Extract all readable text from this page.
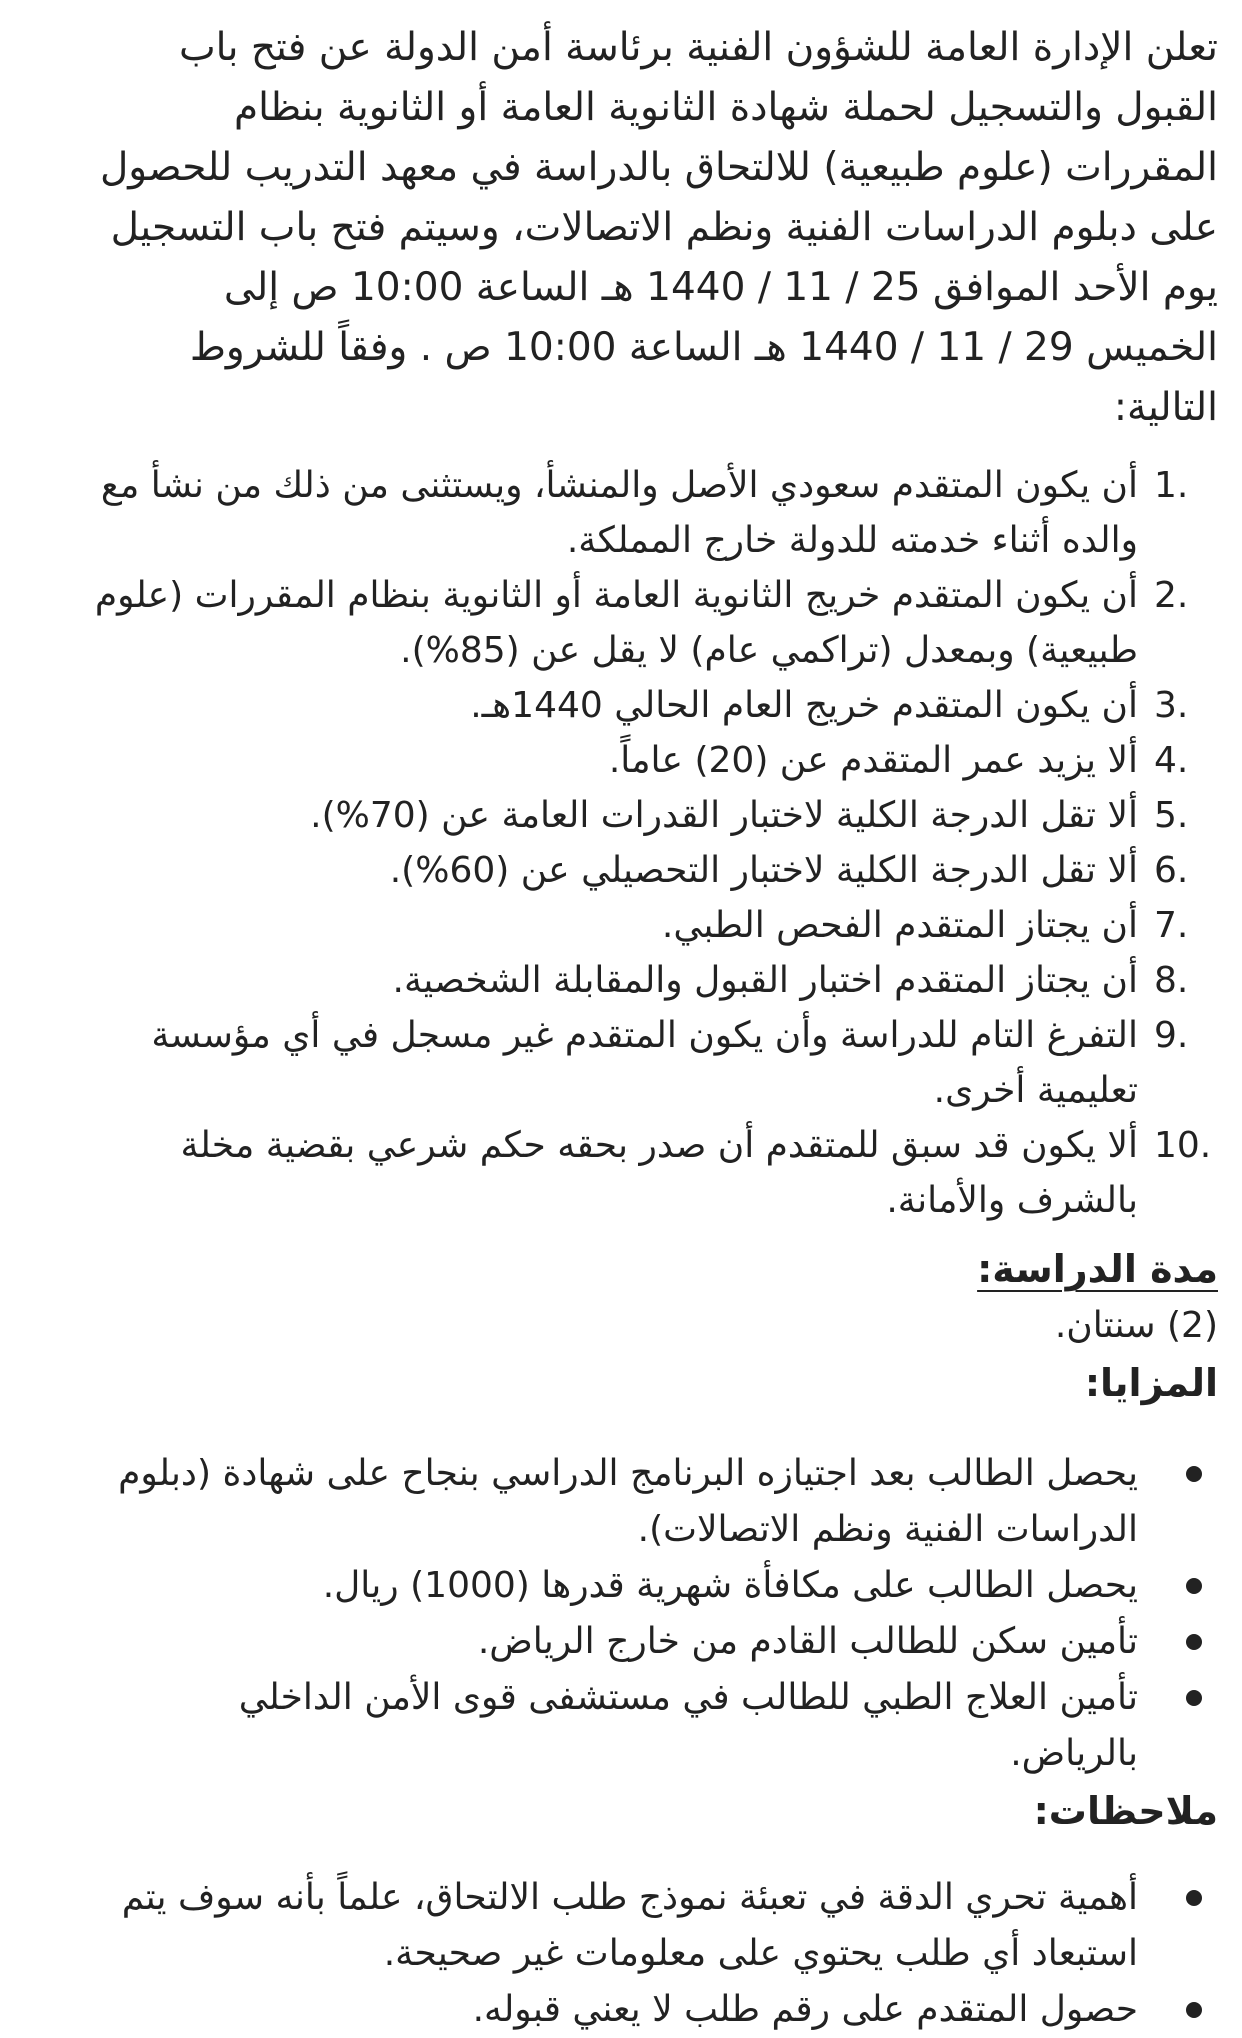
تعلن الإدارة العامة للشؤون الفنية برئاسة أمن الدولة عن فتح باب القبول والتسجيل لحملة شهادة الثانوية العامة أو الثانوية بنظام المقررات (علوم طبيعية) للالتحاق بالدراسة في معهد التدريب للحصول على دبلوم الدراسات الفنية ونظم الاتصالات، وسيتم فتح باب التسجيل يوم الأحد الموافق 25 / 11 / 1440 هـ الساعة 10:00 ص إلى الخميس 29 / 11 / 1440 هـ الساعة 10:00 ص . وفقاً للشروط التالية:

1.
أن يكون المتقدم سعودي الأصل والمنشأ، ويستثنى من ذلك من نشأ مع والده أثناء خدمته للدولة خارج المملكة.
2.
أن يكون المتقدم خريج الثانوية العامة أو الثانوية بنظام المقررات (علوم طبيعية) وبمعدل (تراكمي عام) لا يقل عن (85%).
3.
أن يكون المتقدم خريج العام الحالي 1440هـ.
4.
ألا يزيد عمر المتقدم عن (20) عاماً.
5.
ألا تقل الدرجة الكلية لاختبار القدرات العامة عن (70%).
6.
ألا تقل الدرجة الكلية لاختبار التحصيلي عن (60%).
7.
أن يجتاز المتقدم الفحص الطبي.
8.
أن يجتاز المتقدم اختبار القبول والمقابلة الشخصية.
9.
التفرغ التام للدراسة وأن يكون المتقدم غير مسجل في أي مؤسسة تعليمية أخرى.
10.
ألا يكون قد سبق للمتقدم أن صدر بحقه حكم شرعي بقضية مخلة بالشرف والأمانة.
مدة الدراسة:

(2) سنتان.

المزايا:
يحصل الطالب بعد اجتيازه البرنامج الدراسي بنجاح على شهادة (دبلوم الدراسات الفنية ونظم الاتصالات).
يحصل الطالب على مكافأة شهرية قدرها (1000) ريال.
تأمين سكن للطالب القادم من خارج الرياض.
تأمين العلاج الطبي للطالب في مستشفى قوى الأمن الداخلي بالرياض.
ملاحظات:
أهمية تحري الدقة في تعبئة نموذج طلب الالتحاق، علماً بأنه سوف يتم استبعاد أي طلب يحتوي على معلومات غير صحيحة.
حصول المتقدم على رقم طلب لا يعني قبوله.
